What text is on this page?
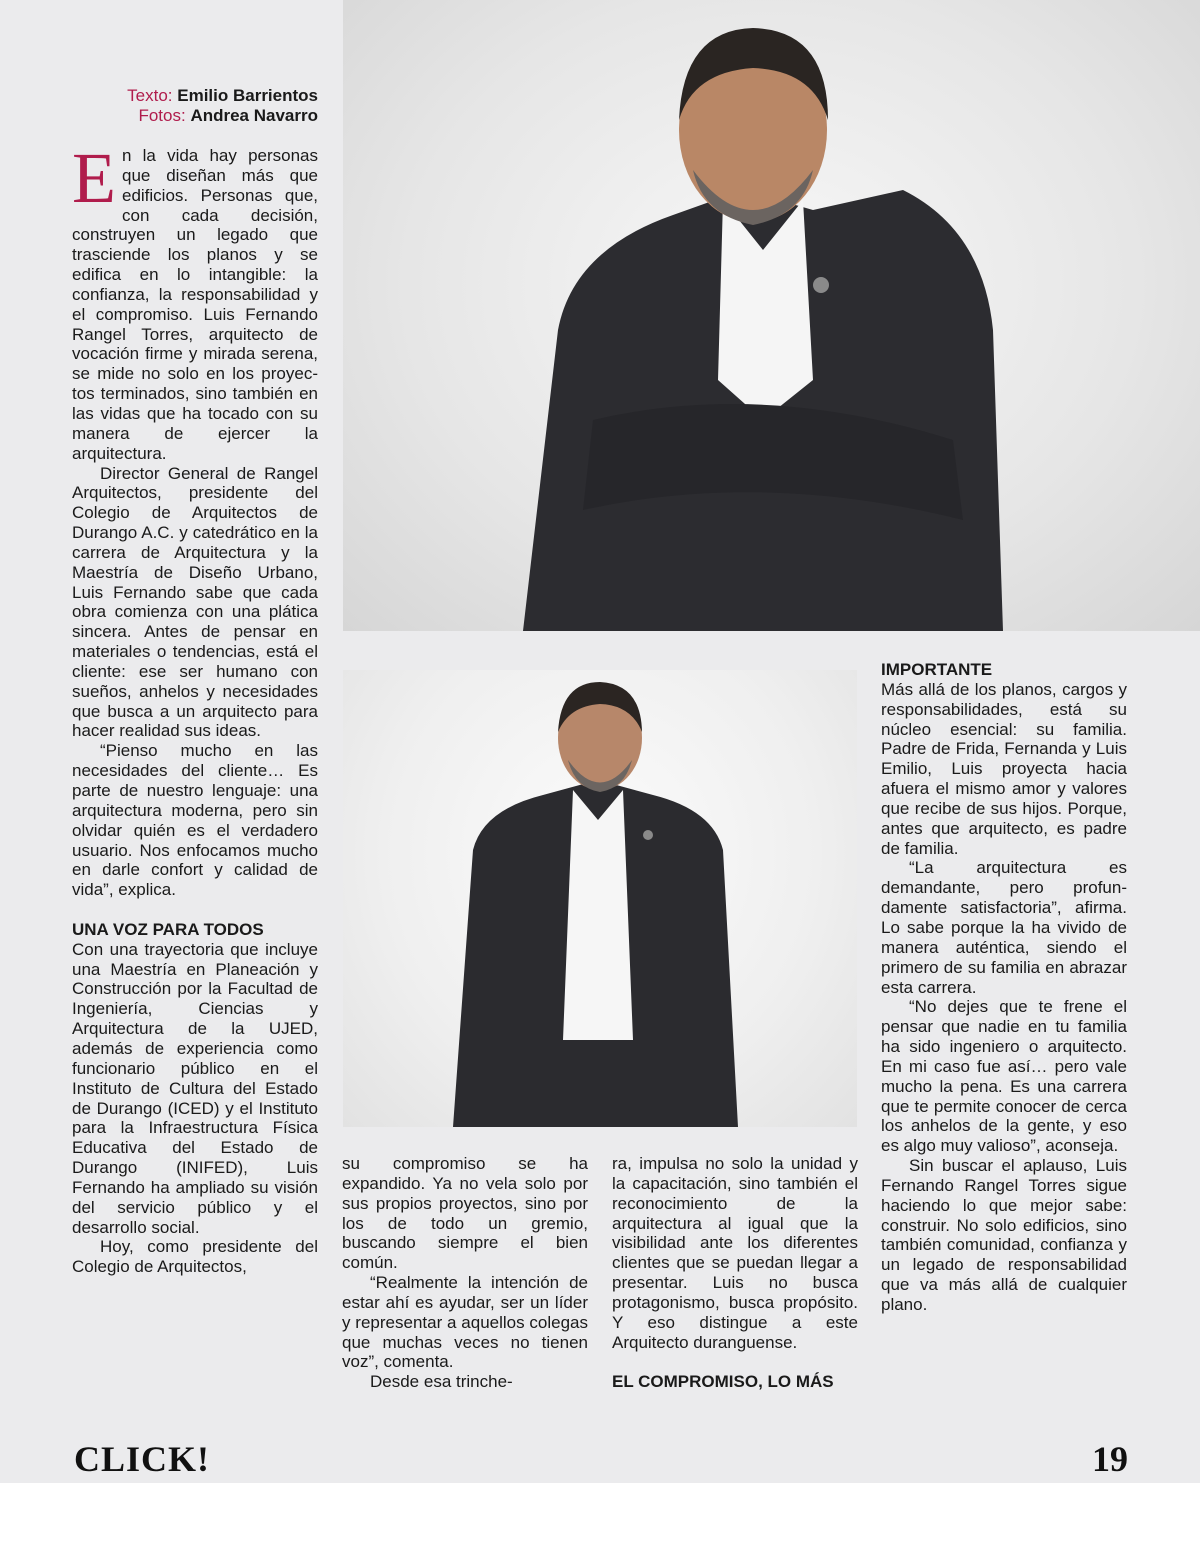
Texto: Emilio Barrientos
Fotos: Andrea Navarro

En la vida hay personas que diseñan más que edificios. Personas que, con cada decisión, construyen un legado que trasciende los planos y se edifica en lo intangible: la confianza, la responsabilidad y el compromiso. Luis Fernando Rangel Torres, arquitecto de vocación firme y mirada serena, se mide no solo en los proyectos terminados, sino también en las vidas que ha tocado con su manera de ejercer la arquitectura.

Director General de Rangel Arquitectos, presidente del Colegio de Arquitectos de Durango A.C. y catedrático en la carrera de Arquitectura y la Maestría de Diseño Urbano, Luis Fernando sabe que cada obra comienza con una plática sincera. Antes de pensar en materiales o tendencias, está el cliente: ese ser humano con sueños, anhelos y necesidades que busca a un arquitecto para hacer realidad sus ideas.

“Pienso mucho en las necesidades del cliente… Es parte de nuestro lenguaje: una arquitectura moderna, pero sin olvidar quién es el verdadero usuario. Nos enfocamos mucho en darle confort y calidad de vida”, explica.

UNA VOZ PARA TODOS

Con una trayectoria que incluye una Maestría en Planeación y Construcción por la Facultad de Ingeniería, Ciencias y Arquitectura de la UJED, además de experiencia como funcionario público en el Instituto de Cultura del Estado de Durango (ICED) y el Instituto para la Infraestructura Física Educativa del Estado de Durango (INIFED), Luis Fernando ha ampliado su visión del servicio público y el desarrollo social.

Hoy, como presidente del Colegio de Arquitectos,

su compromiso se ha expandido. Ya no vela solo por sus propios proyectos, sino por los de todo un gremio, buscando siempre el bien común.

“Realmente la intención de estar ahí es ayudar, ser un líder y representar a aquellos colegas que muchas veces no tienen voz”, comenta.

Desde esa trinche-

ra, impulsa no solo la unidad y la capacitación, sino también el reconocimiento de la arquitectura al igual que la visibilidad ante los diferentes clientes que se puedan llegar a presentar. Luis no busca protagonismo, busca propósito. Y eso distingue a este Arquitecto duranguense.

EL COMPROMISO, LO MÁS
IMPORTANTE

Más allá de los planos, cargos y responsabilidades, está su núcleo esencial: su familia. Padre de Frida, Fernanda y Luis Emilio, Luis proyecta hacia afuera el mismo amor y valores que recibe de sus hijos. Porque, antes que arquitecto, es padre de familia.

“La arquitectura es demandante, pero profundamente satisfactoria”, afirma. Lo sabe porque la ha vivido de manera auténtica, siendo el primero de su familia en abrazar esta carrera.

“No dejes que te frene el pensar que nadie en tu familia ha sido ingeniero o arquitecto. En mi caso fue así… pero vale mucho la pena. Es una carrera que te permite conocer de cerca los anhelos de la gente, y eso es algo muy valioso”, aconseja.

Sin buscar el aplauso, Luis Fernando Rangel Torres sigue haciendo lo que mejor sabe: construir. No solo edificios, sino también comunidad, confianza y un legado de responsabilidad que va más allá de cualquier plano.

CLICK!	19
